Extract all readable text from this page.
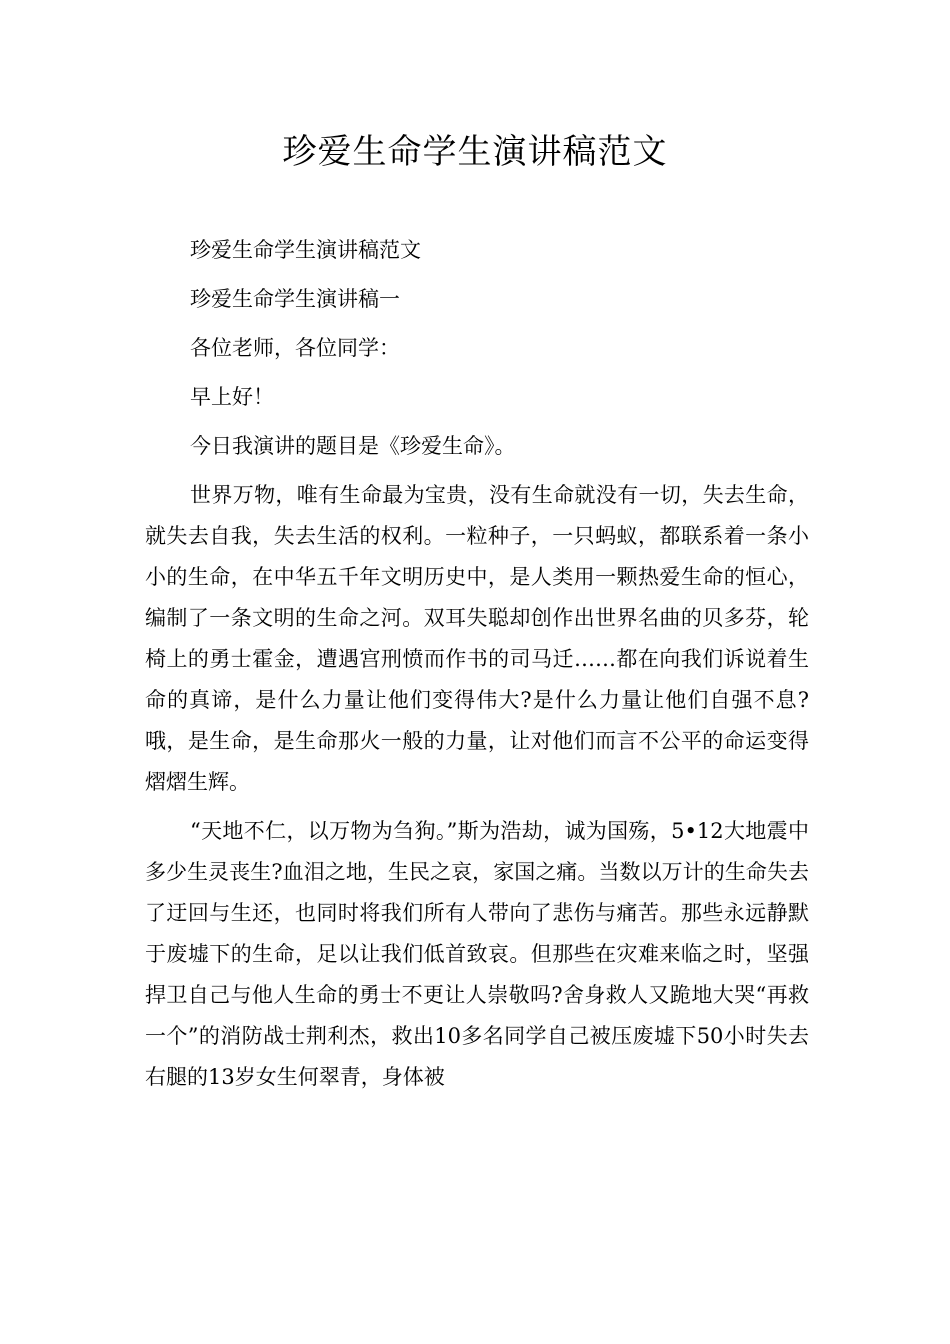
珍爱生命学生演讲稿范文

珍爱生命学生演讲稿范文

珍爱生命学生演讲稿一

各位老师，各位同学：

早上好！

今日我演讲的题目是《珍爱生命》。

世界万物，唯有生命最为宝贵，没有生命就没有一切，失去生命，就失去自我，失去生活的权利。一粒种子，一只蚂蚁，都联系着一条小小的生命，在中华五千年文明历史中，是人类用一颗热爱生命的恒心，编制了一条文明的生命之河。双耳失聪却创作出世界名曲的贝多芬，轮椅上的勇士霍金，遭遇宫刑愤而作书的司马迁……都在向我们诉说着生命的真谛，是什么力量让他们变得伟大?是什么力量让他们自强不息?哦，是生命，是生命那火一般的力量，让对他们而言不公平的命运变得熠熠生辉。

“天地不仁，以万物为刍狗。”斯为浩劫，诚为国殇，5•12大地震中多少生灵丧生?血泪之地，生民之哀，家国之痛。当数以万计的生命失去了迂回与生还，也同时将我们所有人带向了悲伤与痛苦。那些永远静默于废墟下的生命，足以让我们低首致哀。但那些在灾难来临之时，坚强捍卫自己与他人生命的勇士不更让人崇敬吗?舍身救人又跪地大哭“再救一个”的消防战士荆利杰，救出10多名同学自己被压废墟下50小时失去右腿的13岁女生何翠青，身体被
